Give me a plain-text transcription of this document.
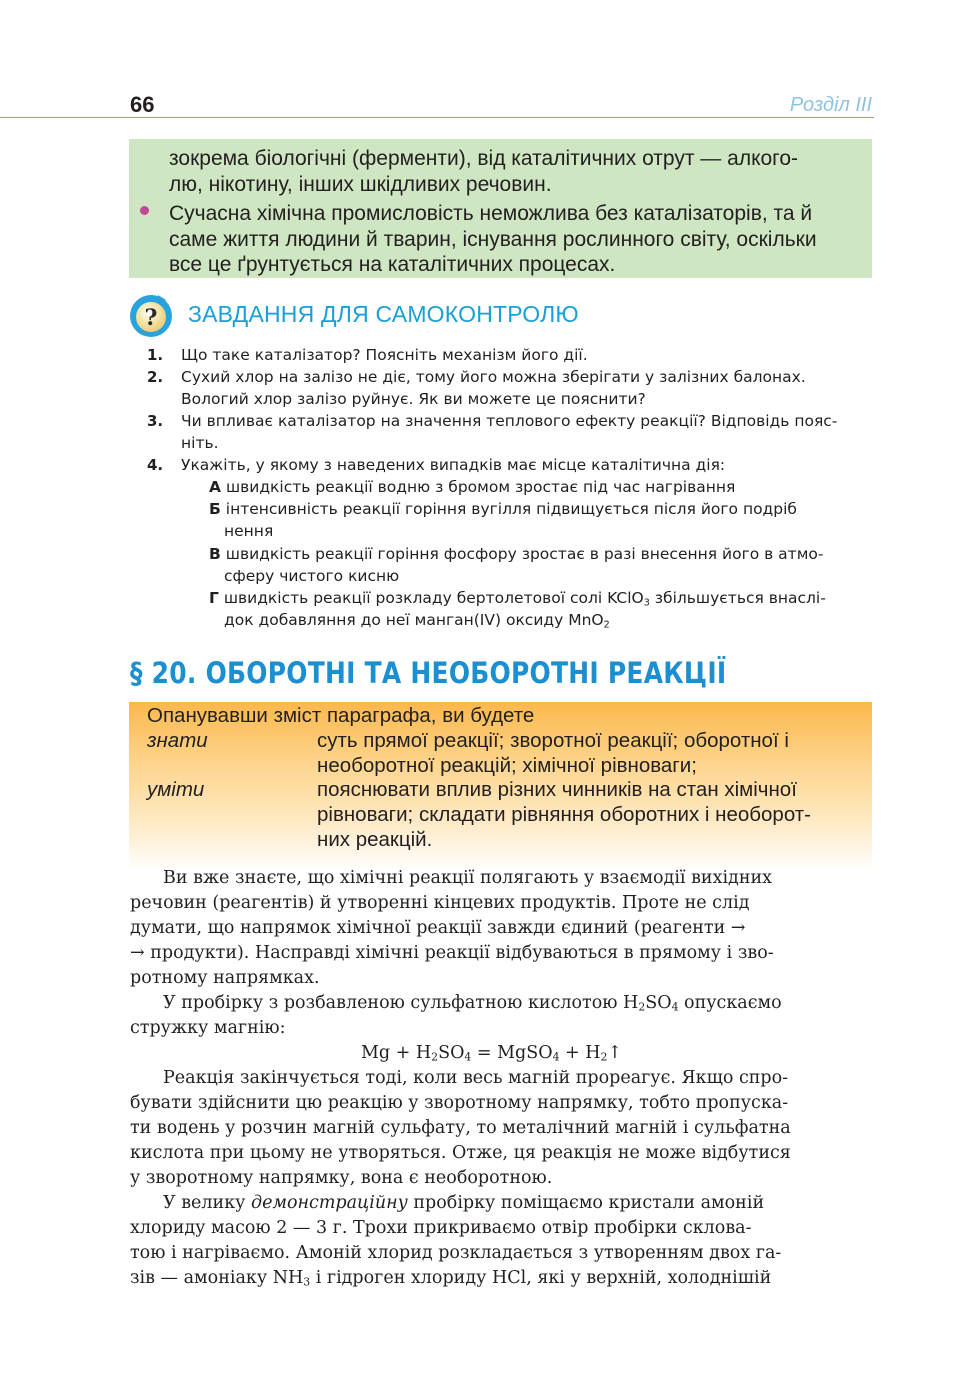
66	Розділ III
зокрема біологічні (ферменти), від каталітичних отрут — алкого-
лю, нікотину, інших шкідливих речовин.
Сучасна хімічна промисловість неможлива без каталізаторів, та й
саме життя людини й тварин, існування рослинного світу, оскільки
все це ґрунтується на каталітичних процесах.
? ЗАВДАННЯ ДЛЯ САМОКОНТРОЛЮ
1. Що таке каталізатор? Поясніть механізм його дії.
2. Сухий хлор на залізо не діє, тому його можна зберігати у залізних балонах.
Вологий хлор залізо руйнує. Як ви можете це пояснити?
3. Чи впливає каталізатор на значення теплового ефекту реакції? Відповідь пояс-
ніть.
4. Укажіть, у якому з наведених випадків має місце каталітична дія:
А швидкість реакції водню з бромом зростає під час нагрівання
Б інтенсивність реакції горіння вугілля підвищується після його подріб
нення
В швидкість реакції горіння фосфору зростає в разі внесення його в атмо-
сферу чистого кисню
Г швидкість реакції розкладу бертолетової солі KClO$_3$ збільшується внаслі-
док добавляння до неї манган(IV) оксиду MnO$_2$
§ 20. ОБОРОТНІ ТА НЕОБОРОТНІ РЕАКЦІЇ
Опанувавши зміст параграфа, ви будете
знати	суть прямої реакції; зворотної реакції; оборотної і
необоротної реакцій; хімічної рівноваги;
уміти	пояснювати вплив різних чинників на стан хімічної
рівноваги; складати рівняння оборотних і необорот-
них реакцій.
Ви вже знаєте, що хімічні реакції полягають у взаємодії вихідних
речовин (реагентів) й утворенні кінцевих продуктів. Проте не слід
думати, що напрямок хімічної реакції завжди єдиний (реагенти →
→ продукти). Насправді хімічні реакції відбуваються в прямому і зво-
ротному напрямках.
У пробірку з розбавленою сульфатною кислотою $H_2SO_4$ опускаємо
стружку магнію:
$Mg + H_2SO_4$ = MgSO$_4$ + $H_2↑$
Реакція закінчується тоді, коли весь магній прореагує. Якщо спро-
бувати здійснити цю реакцію у зворотному напрямку, тобто пропуска-
ти водень у розчин магній сульфату, то металічний магній і сульфатна
кислота при цьому не утворяться. Отже, ця реакція не може відбутися
у зворотному напрямку, вона є необоротною.
У велику демонстраційну пробірку поміщаємо кристали амоній
хлориду масою 2 — 3 г. Трохи прикриваємо отвір пробірки скловa-
тою і нагріваємо. Амоній хлорид розкладається з утворенням двох га-
зів — амоніаку $NH_3$ і гідроген хлориду HCl, які у верхній, холоднішій
